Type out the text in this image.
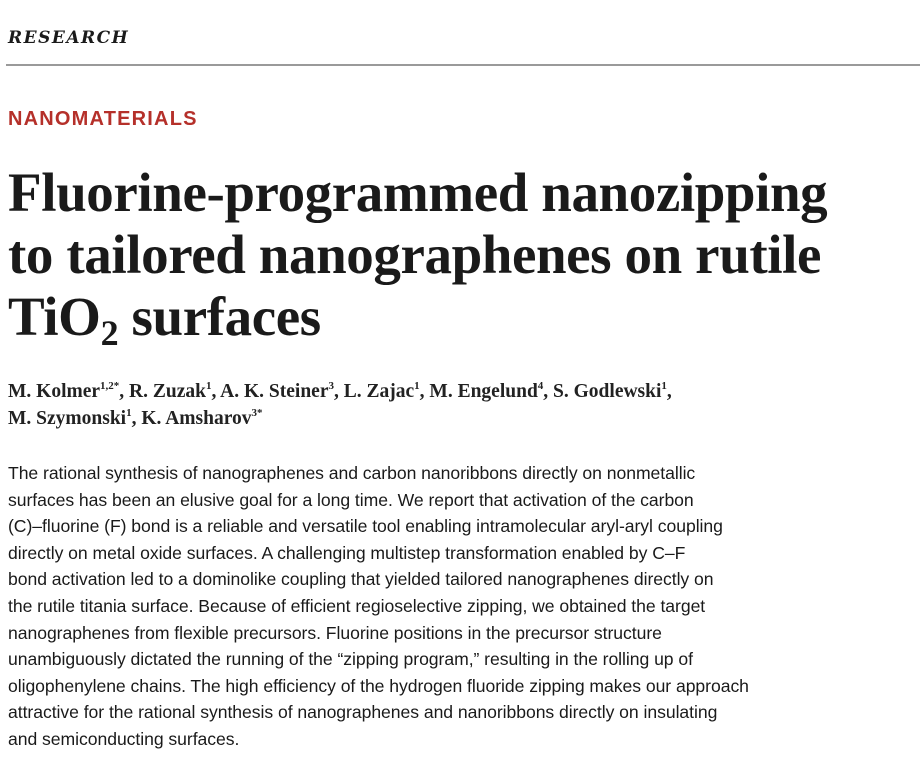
RESEARCH
NANOMATERIALS
Fluorine-programmed nanozipping
to tailored nanographenes on rutile
TiO$_2$ surfaces
M. Kolmer$^{1,2*}$, R. Zuzak$^1$, A. K. Steiner$^3$, L. Zajac$^1$, M. Engelund$^4$, S. Godlewski$^1$,
M. Szymonski$^1$, K. Amsharov$^{3*}$

The rational synthesis of nanographenes and carbon nanoribbons directly on nonmetallic
surfaces has been an elusive goal for a long time. We report that activation of the carbon
(C)–fluorine (F) bond is a reliable and versatile tool enabling intramolecular aryl-aryl coupling
directly on metal oxide surfaces. A challenging multistep transformation enabled by C–F
bond activation led to a dominolike coupling that yielded tailored nanographenes directly on
the rutile titania surface. Because of efficient regioselective zipping, we obtained the target
nanographenes from flexible precursors. Fluorine positions in the precursor structure
unambiguously dictated the running of the “zipping program,” resulting in the rolling up of
oligophenylene chains. The high efficiency of the hydrogen fluoride zipping makes our approach
attractive for the rational synthesis of nanographenes and nanoribbons directly on insulating
and semiconducting surfaces.
